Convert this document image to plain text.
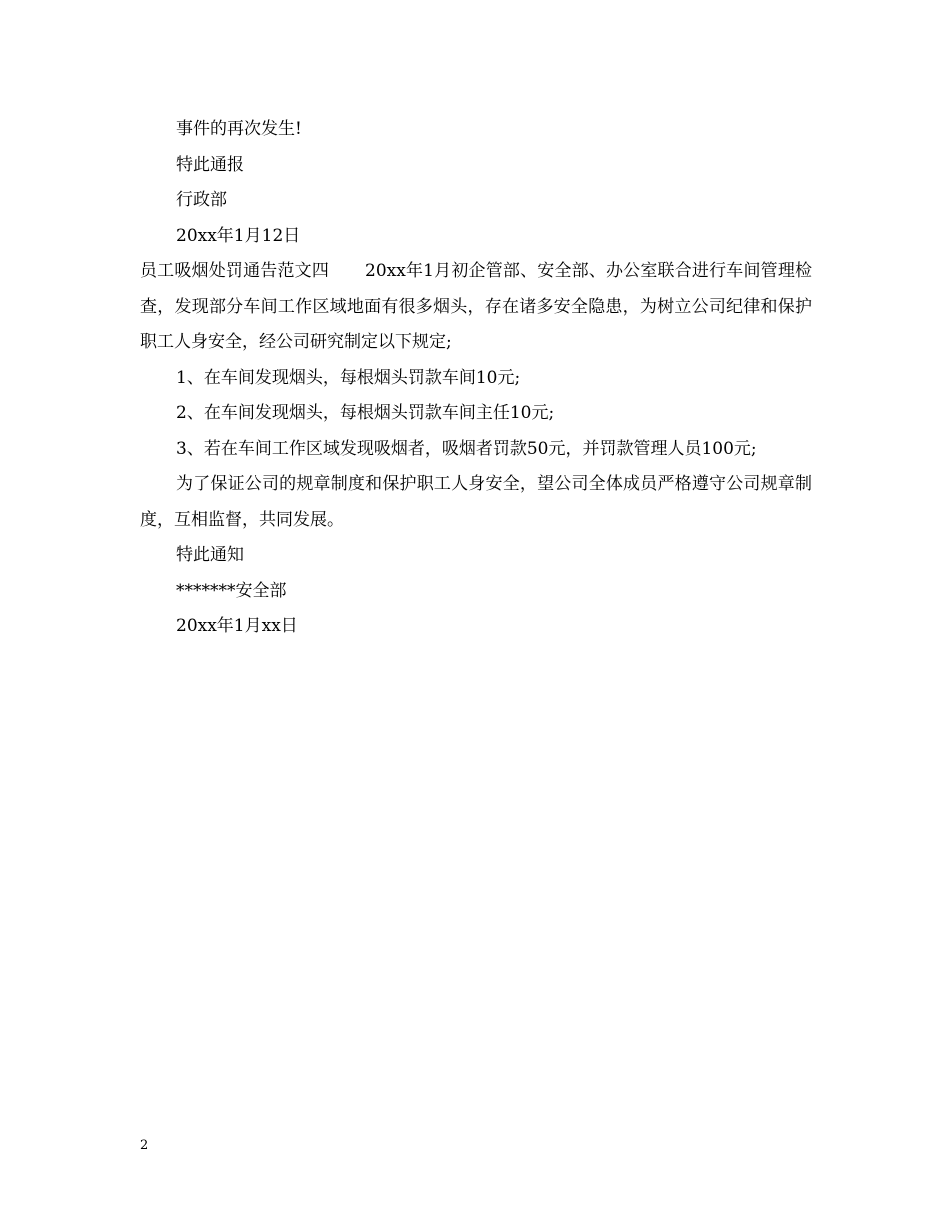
事件的再次发生!
特此通报
行政部
20xx年1月12日
员工吸烟处罚通告范文四 20xx年1月初企管部、安全部、办公室联合进行车间管理检查，发现部分车间工作区域地面有很多烟头，存在诸多安全隐患，为树立公司纪律和保护职工人身安全，经公司研究制定以下规定;
1、在车间发现烟头，每根烟头罚款车间10元;
2、在车间发现烟头，每根烟头罚款车间主任10元;
3、若在车间工作区域发现吸烟者，吸烟者罚款50元，并罚款管理人员100元;
为了保证公司的规章制度和保护职工人身安全，望公司全体成员严格遵守公司规章制度，互相监督，共同发展。
特此通知
*******安全部
20xx年1月xx日
2
